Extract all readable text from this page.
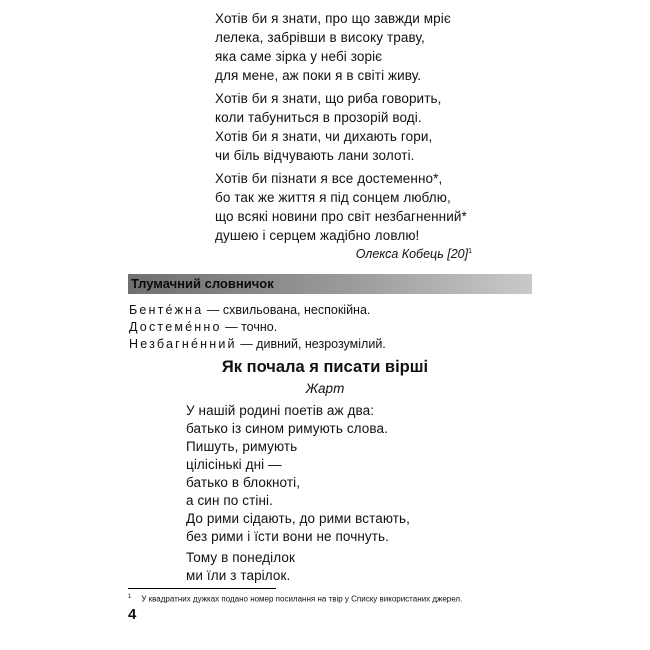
Хотів би я знати, про що завжди мріє
лелека, забрівши в високу траву,
яка саме зірка у небі зоріє
для мене, аж поки я в світі живу.
Хотів би я знати, що риба говорить,
коли табуниться в прозорій воді.
Хотів би я знати, чи дихають гори,
чи біль відчувають лани золоті.
Хотів би пізнати я все достеменно*,
бо так же життя я під сонцем люблю,
що всякі новини про світ незбагненний*
душею і серцем жадібно ловлю!
Олекса Кобець $[20]^1$
Тлумачний словничок
Бенте́жна — схвильована, неспокійна.
Достеме́нно — точно.
Незбагне́нний — дивний, незрозумілий.
Як почала я писати вірші
Жарт
У нашій родині поетів аж два:
батько із сином римують слова.
Пишуть, римують
цілісінькі дні —
батько в блокноті,
а син по стіні.
До рими сідають, до рими встають,
без рими і їсти вони не почнуть.
Тому в понеділок
ми їли з тарілок.
$^1$ У квадратних дужках подано номер посилання на твір у Списку використаних джерел.
4
